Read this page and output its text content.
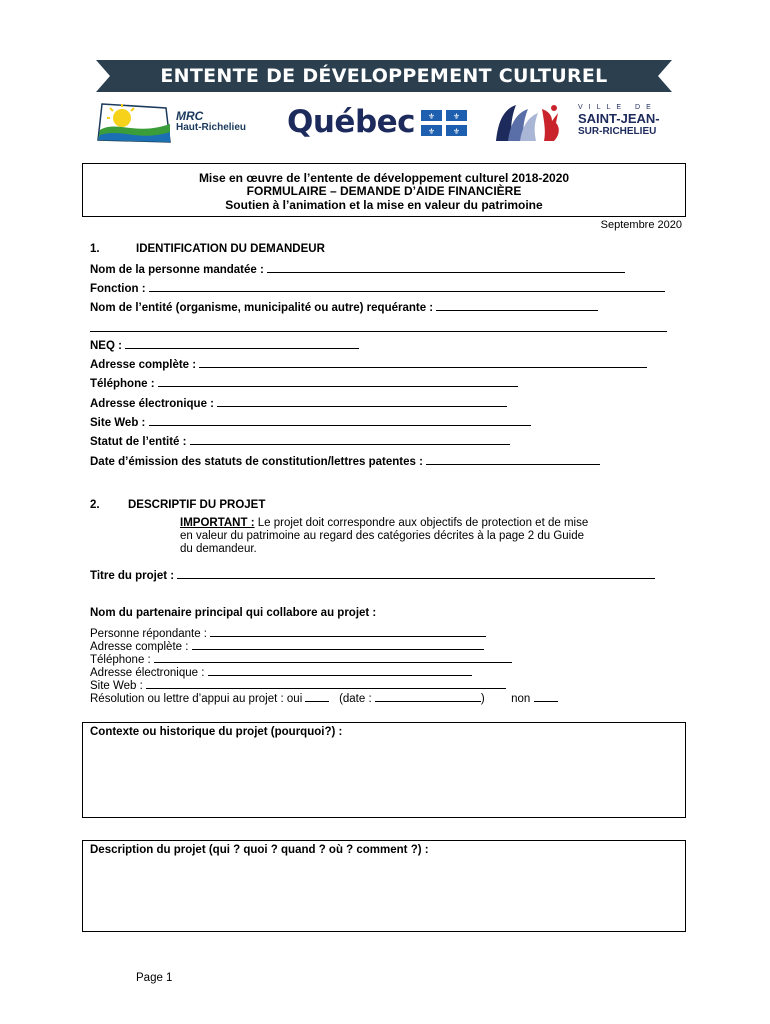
ENTENTE DE DÉVELOPPEMENT CULTUREL
MRC
Haut-Richelieu Québec ⚜ ⚜
⚜ ⚜
VILLE DE
SAINT-JEAN-
SUR-RICHELIEU
Mise en œuvre de l’entente de développement culturel 2018-2020
FORMULAIRE – DEMANDE D’AIDE FINANCIÈRE
Soutien à l’animation et la mise en valeur du patrimoine
Septembre 2020
1.	IDENTIFICATION DU DEMANDEUR
Nom de la personne mandatée :
Fonction :
Nom de l’entité (organisme, municipalité ou autre) requérante :
NEQ :
Adresse complète :
Téléphone :
Adresse électronique :
Site Web :
Statut de l’entité :
Date d’émission des statuts de constitution/lettres patentes :
2. DESCRIPTIF DU PROJET
IMPORTANT : Le projet doit correspondre aux objectifs de protection et de mise
en valeur du patrimoine au regard des catégories décrites à la page 2 du Guide
du demandeur.
Titre du projet :
Nom du partenaire principal qui collabore au projet :
Personne répondante :
Adresse complète :
Téléphone :
Adresse électronique :
Site Web :
Résolution ou lettre d’appui au projet : oui	(date :	) non
Contexte ou historique du projet (pourquoi?) :
Description du projet (qui ? quoi ? quand ? où ? comment ?) :
Page 1
